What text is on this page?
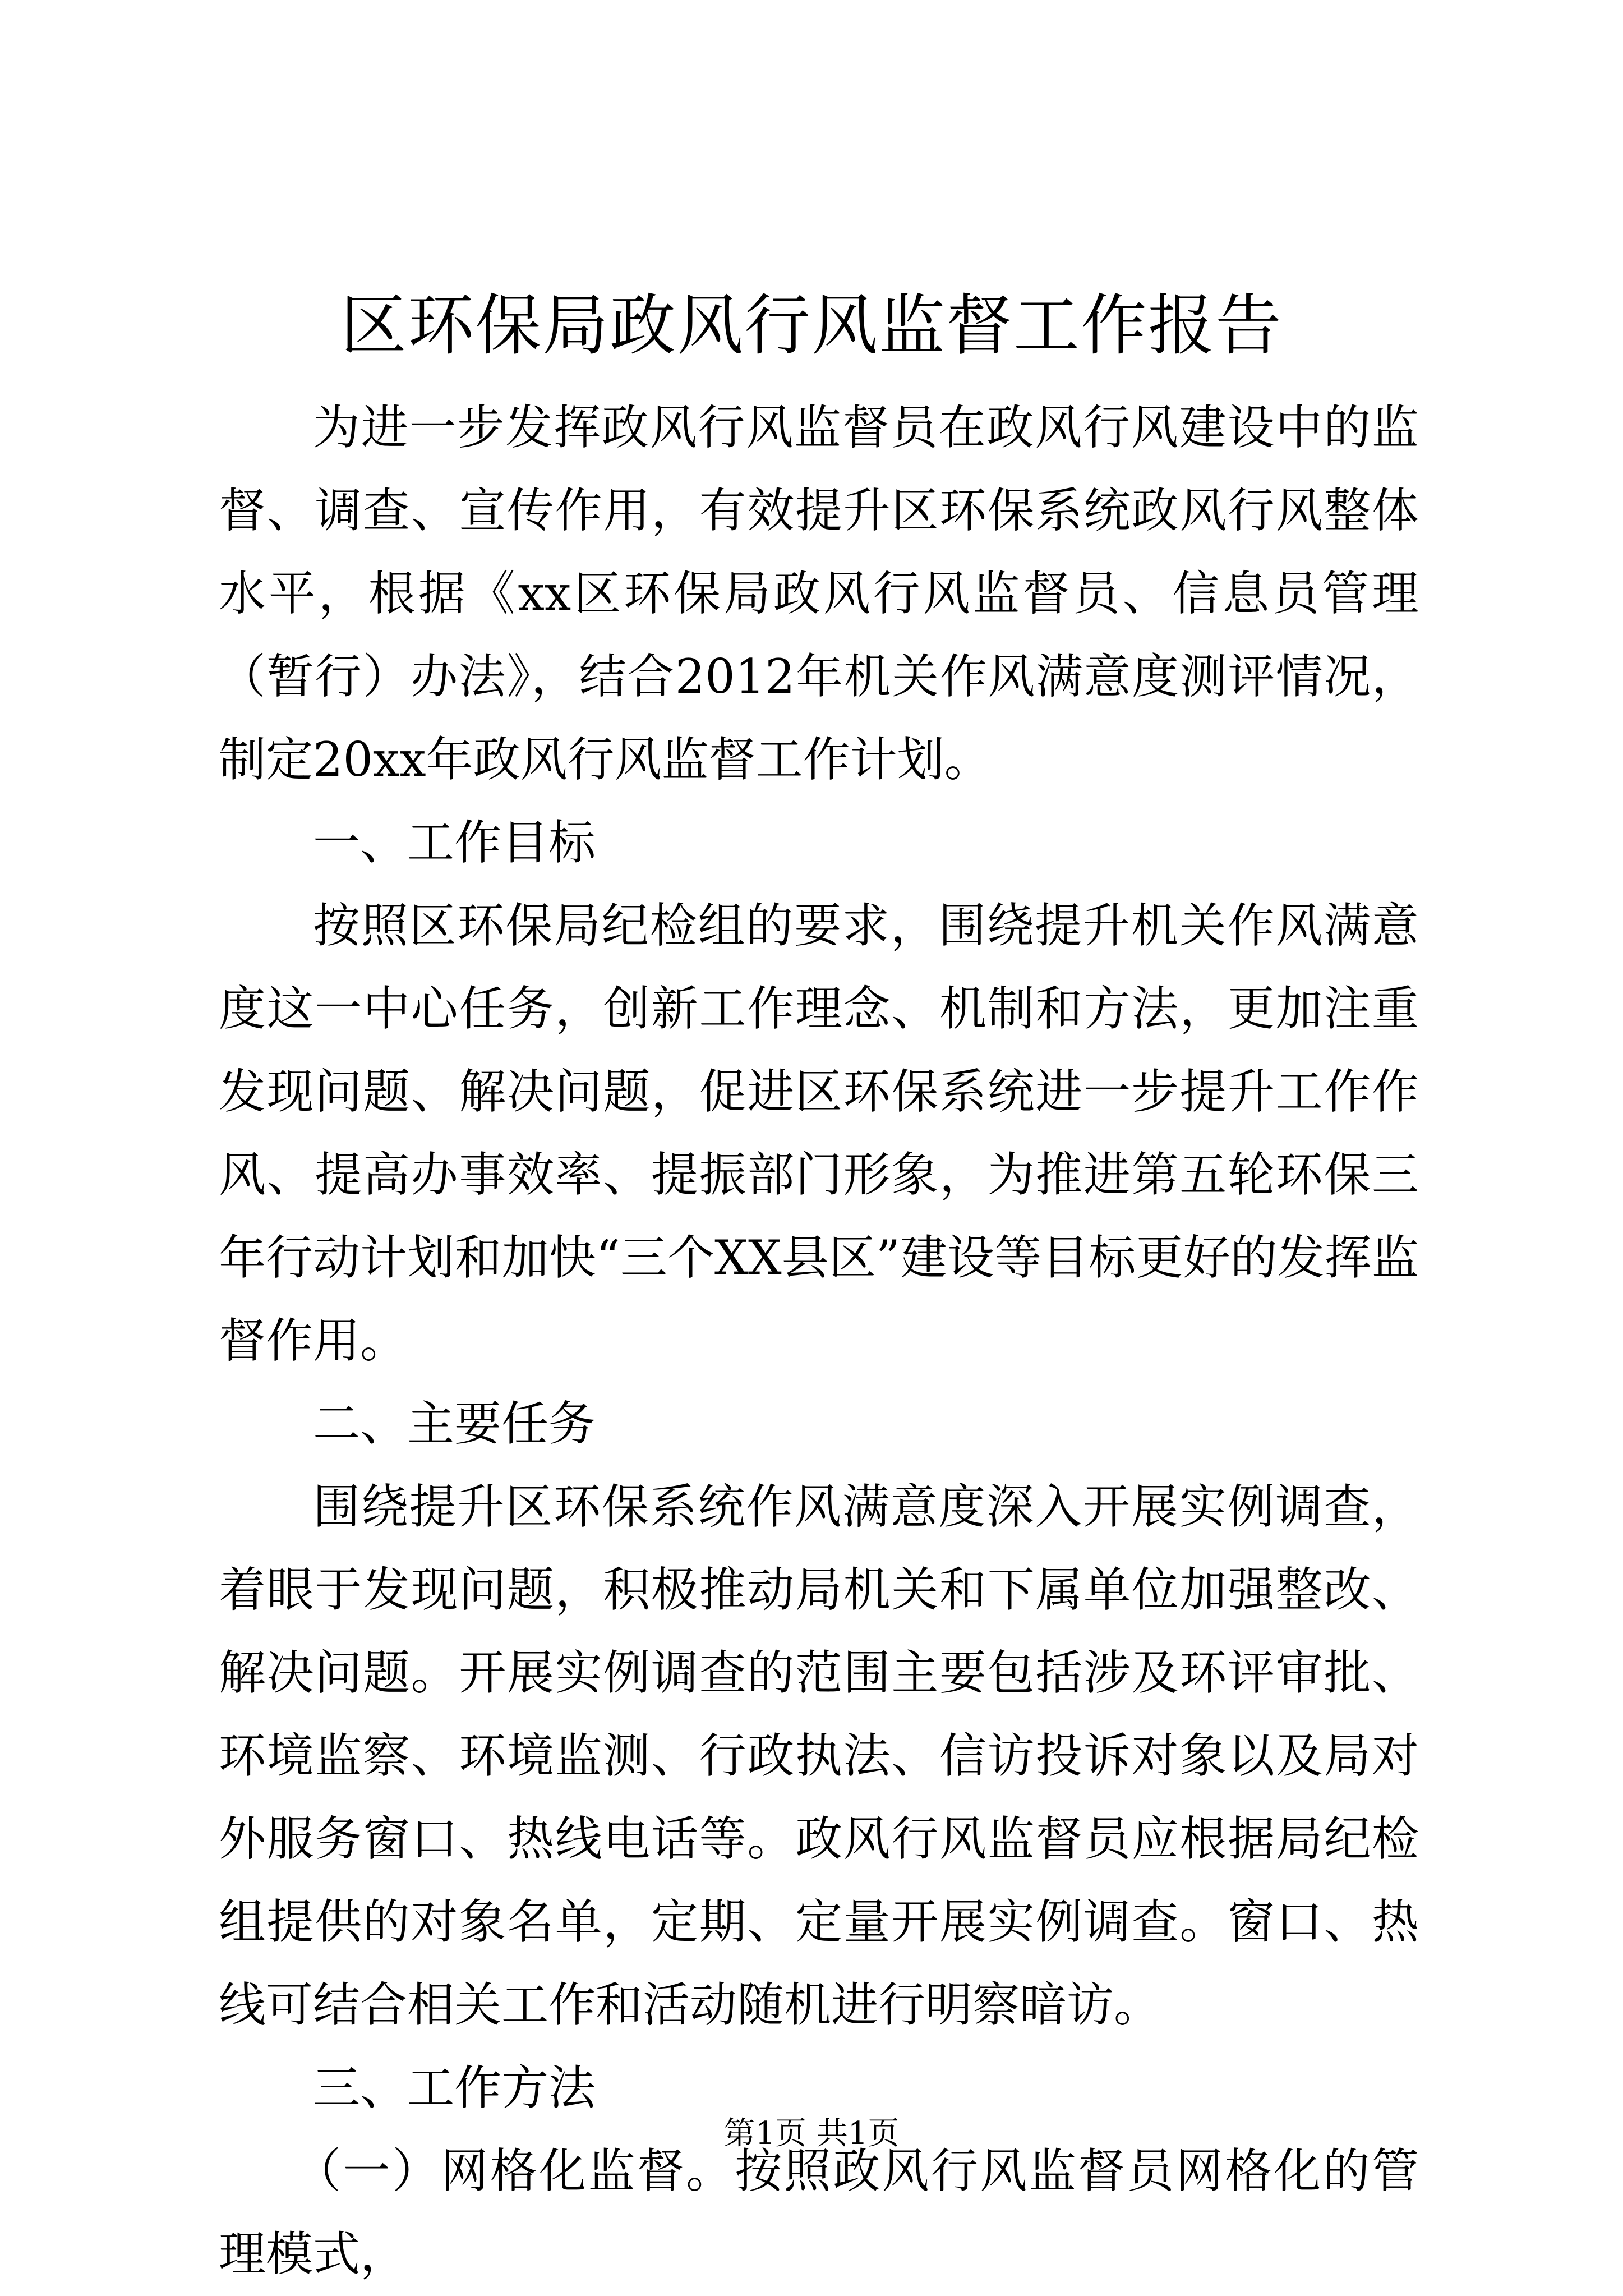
区环保局政风行风监督工作报告

为进一步发挥政风行风监督员在政风行风建设中的监督、调查、宣传作用，有效提升区环保系统政风行风整体水平，根据《xx区环保局政风行风监督员、信息员管理（暂行）办法》，结合2012年机关作风满意度测评情况，制定20xx年政风行风监督工作计划。

一、工作目标

按照区环保局纪检组的要求，围绕提升机关作风满意度这一中心任务，创新工作理念、机制和方法，更加注重发现问题、解决问题，促进区环保系统进一步提升工作作风、提高办事效率、提振部门形象，为推进第五轮环保三年行动计划和加快“三个XX县区”建设等目标更好的发挥监督作用。

二、主要任务

围绕提升区环保系统作风满意度深入开展实例调查，着眼于发现问题，积极推动局机关和下属单位加强整改、解决问题。开展实例调查的范围主要包括涉及环评审批、环境监察、环境监测、行政执法、信访投诉对象以及局对外服务窗口、热线电话等。政风行风监督员应根据局纪检组提供的对象名单，定期、定量开展实例调查。窗口、热线可结合相关工作和活动随机进行明察暗访。

三、工作方法

（一）网格化监督。按照政风行风监督员网格化的管理模式，

第1页 共1页
